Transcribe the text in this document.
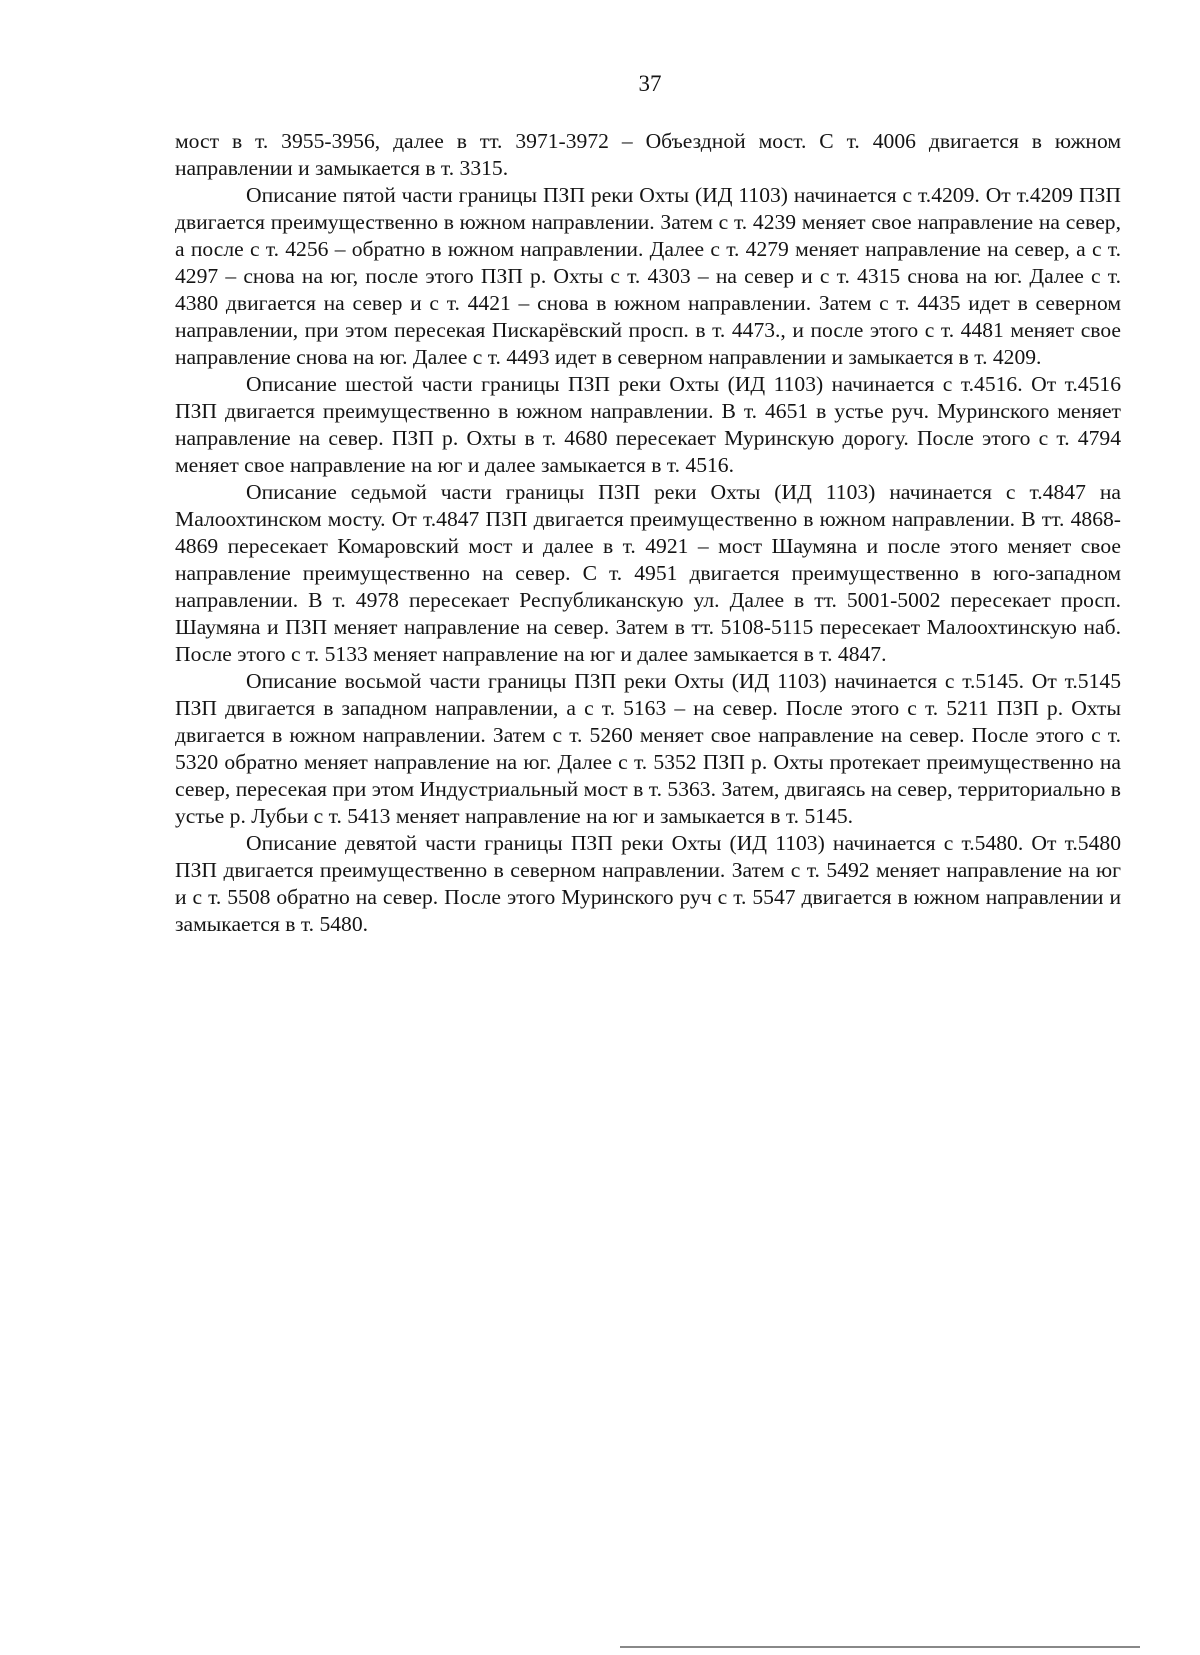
37

мост в т. 3955-3956, далее в тт. 3971-3972 – Объездной мост. С т. 4006 двигается в южном направлении и замыкается в т. 3315.

Описание пятой части границы ПЗП реки Охты (ИД 1103) начинается с т.4209. От т.4209 ПЗП двигается преимущественно в южном направлении. Затем с т. 4239 меняет свое направление на север, а после с т. 4256 – обратно в южном направлении. Далее с т. 4279 меняет направление на север, а с т. 4297 – снова на юг, после этого ПЗП р. Охты с т. 4303 – на север и с т. 4315 снова на юг. Далее с т. 4380 двигается на север и с т. 4421 – снова в южном направлении. Затем с т. 4435 идет в северном направлении, при этом пересекая Пискарёвский просп. в т. 4473., и после этого с т. 4481 меняет свое направление снова на юг. Далее с т. 4493 идет в северном направлении и замыкается в т. 4209.

Описание шестой части границы ПЗП реки Охты (ИД 1103) начинается с т.4516. От т.4516 ПЗП двигается преимущественно в южном направлении. В т. 4651 в устье руч. Муринского меняет направление на север. ПЗП р. Охты в т. 4680 пересекает Муринскую дорогу. После этого с т. 4794 меняет свое направление на юг и далее замыкается в т. 4516.

Описание седьмой части границы ПЗП реки Охты (ИД 1103) начинается с т.4847 на Малоохтинском мосту. От т.4847 ПЗП двигается преимущественно в южном направлении. В тт. 4868-4869 пересекает Комаровский мост и далее в т. 4921 – мост Шаумяна и после этого меняет свое направление преимущественно на север. С т. 4951 двигается преимущественно в юго-западном направлении. В т. 4978 пересекает Республиканскую ул. Далее в тт. 5001-5002 пересекает просп. Шаумяна и ПЗП меняет направление на север. Затем в тт. 5108-5115 пересекает Малоохтинскую наб. После этого с т. 5133 меняет направление на юг и далее замыкается в т. 4847.

Описание восьмой части границы ПЗП реки Охты (ИД 1103) начинается с т.5145. От т.5145 ПЗП двигается в западном направлении, а с т. 5163 – на север. После этого с т. 5211 ПЗП р. Охты двигается в южном направлении. Затем с т. 5260 меняет свое направление на север. После этого с т. 5320 обратно меняет направление на юг. Далее с т. 5352 ПЗП р. Охты протекает преимущественно на север, пересекая при этом Индустриальный мост в т. 5363. Затем, двигаясь на север, территориально в устье р. Лубьи с т. 5413 меняет направление на юг и замыкается в т. 5145.

Описание девятой части границы ПЗП реки Охты (ИД 1103) начинается с т.5480. От т.5480 ПЗП двигается преимущественно в северном направлении. Затем с т. 5492 меняет направление на юг и с т. 5508 обратно на север. После этого Муринского руч с т. 5547 двигается в южном направлении и замыкается в т. 5480.
